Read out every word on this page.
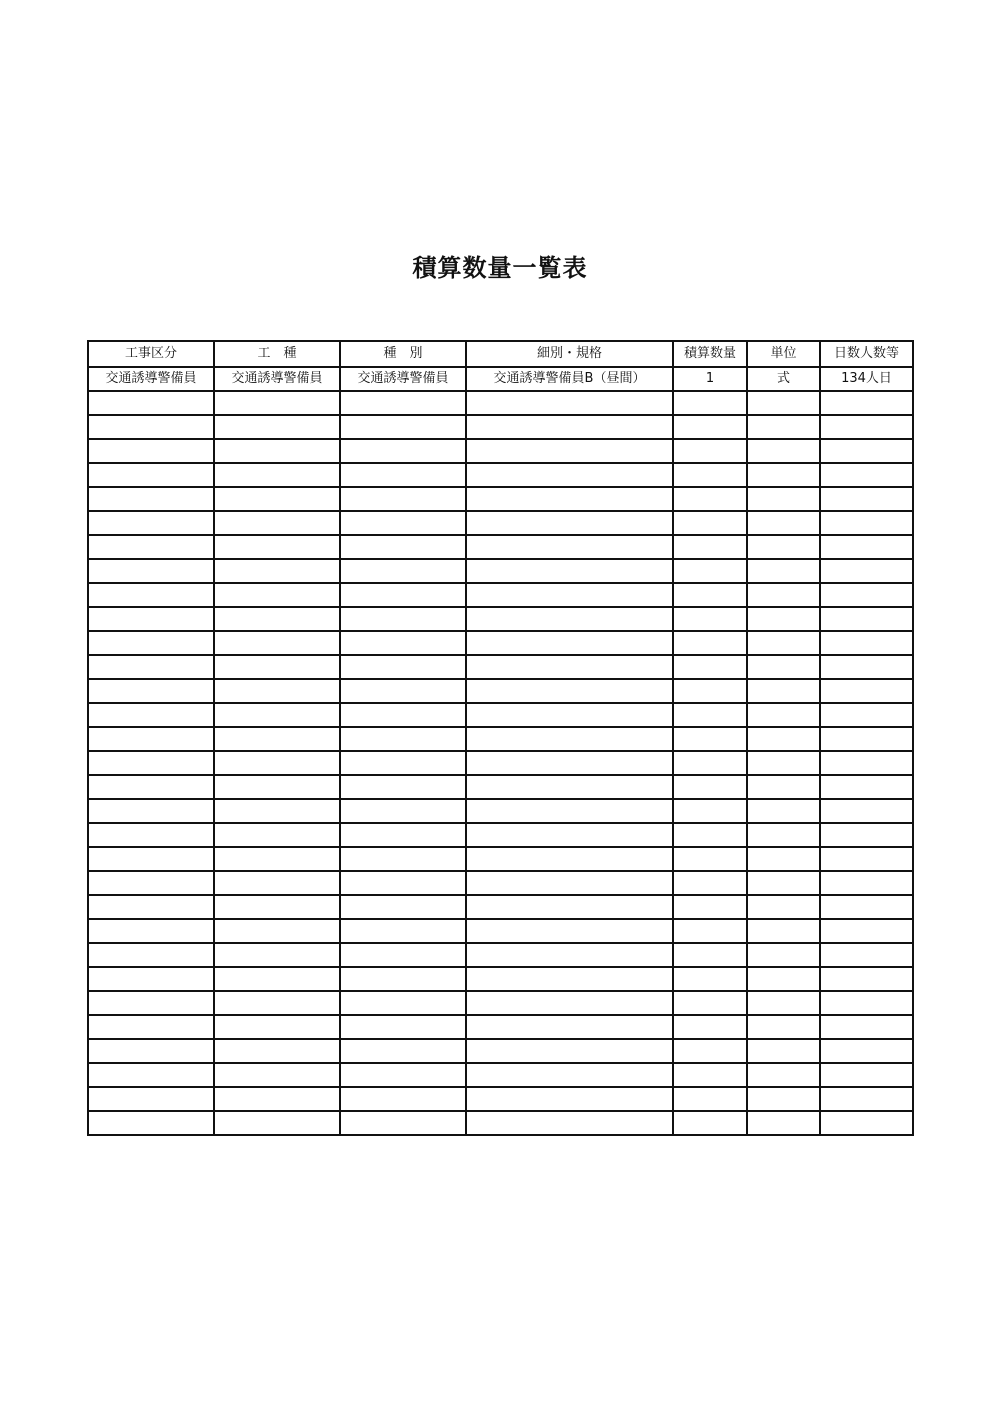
積算数量一覧表
工事区分	工　種	種　別	細別・規格	積算数量	単位	日数人数等
交通誘導警備員	交通誘導警備員	交通誘導警備員	交通誘導警備員B（昼間）	1	式	134人日
